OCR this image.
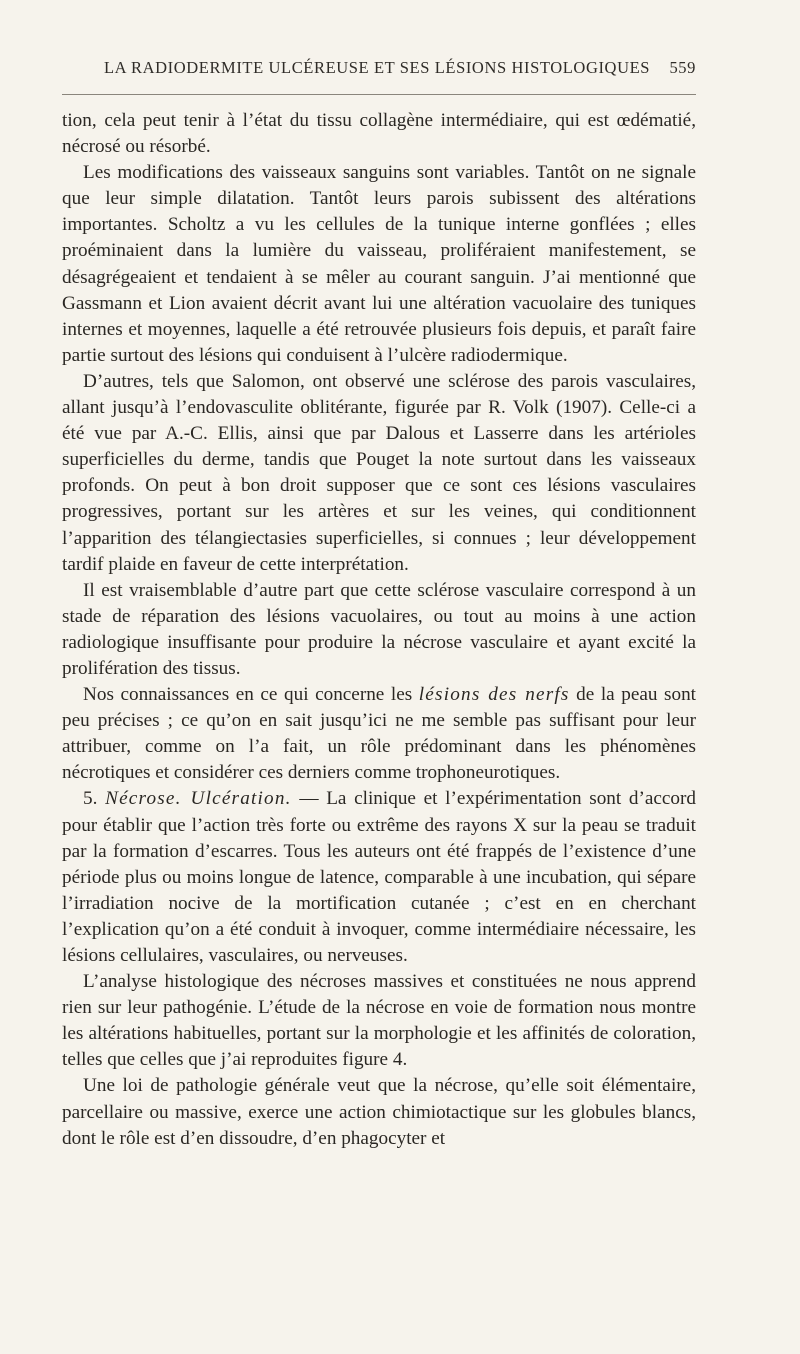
LA RADIODERMITE ULCÉREUSE ET SES LÉSIONS HISTOLOGIQUES 559

tion, cela peut tenir à l’état du tissu collagène intermédiaire, qui est œdématié, nécrosé ou résorbé.

Les modifications des vaisseaux sanguins sont variables. Tantôt on ne signale que leur simple dilatation. Tantôt leurs parois subissent des altérations importantes. Scholtz a vu les cellules de la tunique interne gonflées ; elles proéminaient dans la lumière du vaisseau, proliféraient manifestement, se désagrégeaient et tendaient à se mêler au courant sanguin. J’ai mentionné que Gassmann et Lion avaient décrit avant lui une altération vacuolaire des tuniques internes et moyennes, laquelle a été retrouvée plusieurs fois depuis, et paraît faire partie surtout des lésions qui conduisent à l’ulcère radiodermique.

D’autres, tels que Salomon, ont observé une sclérose des parois vasculaires, allant jusqu’à l’endovasculite oblitérante, figurée par R. Volk (1907). Celle-ci a été vue par A.-C. Ellis, ainsi que par Dalous et Lasserre dans les artérioles superficielles du derme, tandis que Pouget la note surtout dans les vaisseaux profonds. On peut à bon droit supposer que ce sont ces lésions vasculaires progressives, portant sur les artères et sur les veines, qui conditionnent l’apparition des télangiectasies superficielles, si connues ; leur développement tardif plaide en faveur de cette interprétation.

Il est vraisemblable d’autre part que cette sclérose vasculaire correspond à un stade de réparation des lésions vacuolaires, ou tout au moins à une action radiologique insuffisante pour produire la nécrose vasculaire et ayant excité la prolifération des tissus.

Nos connaissances en ce qui concerne les lésions des nerfs de la peau sont peu précises ; ce qu’on en sait jusqu’ici ne me semble pas suffisant pour leur attribuer, comme on l’a fait, un rôle prédominant dans les phénomènes nécrotiques et considérer ces derniers comme trophoneurotiques.

5. Nécrose. Ulcération. — La clinique et l’expérimentation sont d’accord pour établir que l’action très forte ou extrême des rayons X sur la peau se traduit par la formation d’escarres. Tous les auteurs ont été frappés de l’existence d’une période plus ou moins longue de latence, comparable à une incubation, qui sépare l’irradiation nocive de la mortification cutanée ; c’est en en cherchant l’explication qu’on a été conduit à invoquer, comme intermédiaire nécessaire, les lésions cellulaires, vasculaires, ou nerveuses.

L’analyse histologique des nécroses massives et constituées ne nous apprend rien sur leur pathogénie. L’étude de la nécrose en voie de formation nous montre les altérations habituelles, portant sur la morphologie et les affinités de coloration, telles que celles que j’ai reproduites figure 4.

Une loi de pathologie générale veut que la nécrose, qu’elle soit élémentaire, parcellaire ou massive, exerce une action chimiotactique sur les globules blancs, dont le rôle est d’en dissoudre, d’en phagocyter et
